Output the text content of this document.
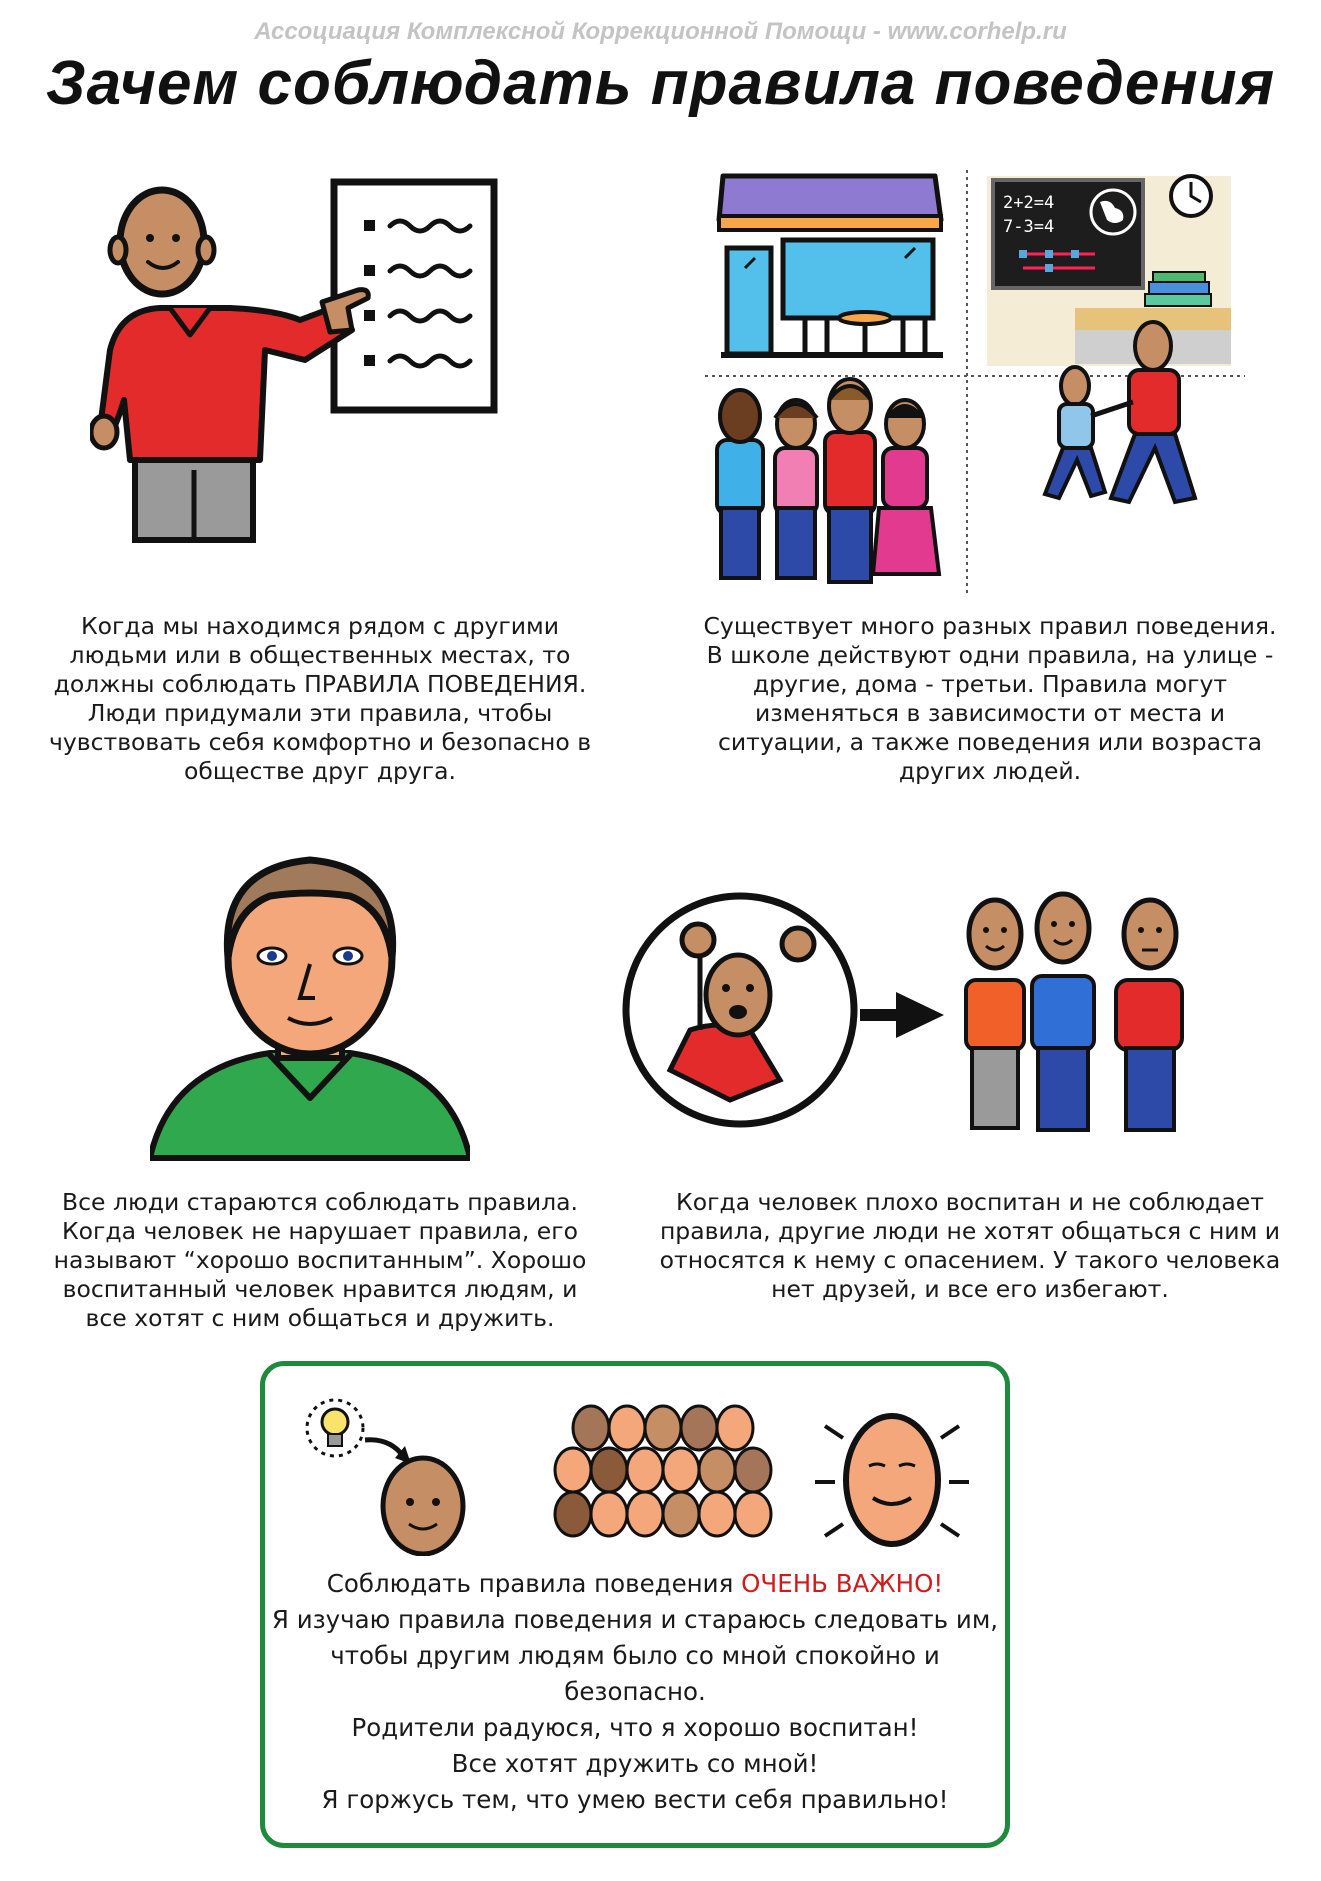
Ассоциация Комплексной Коррекционной Помощи - www.corhelp.ru
Зачем соблюдать правила поведения
2+2=4
7-3=4
Когда мы находимся рядом с другими
людьми или в общественных местах, то
должны соблюдать ПРАВИЛА ПОВЕДЕНИЯ.
Люди придумали эти правила, чтобы
чувствовать себя комфортно и безопасно в
обществе друг друга.
Существует много разных правил поведения.
В школе действуют одни правила, на улице -
другие, дома - третьи. Правила могут
изменяться в зависимости от места и
ситуации, а также поведения или возраста
других людей.
Все люди стараются соблюдать правила.
Когда человек не нарушает правила, его
называют “хорошо воспитанным”. Хорошо
воспитанный человек нравится людям, и
все хотят с ним общаться и дружить.
Когда человек плохо воспитан и не соблюдает
правила, другие люди не хотят общаться с ним и
относятся к нему с опасением. У такого человека
нет друзей, и все его избегают.
Соблюдать правила поведения ОЧЕНЬ ВАЖНО!
Я изучаю правила поведения и стараюсь следовать им,
чтобы другим людям было со мной спокойно и
безопасно.
Родители радуюся, что я хорошо воспитан!
Все хотят дружить со мной!
Я горжусь тем, что умею вести себя правильно!
